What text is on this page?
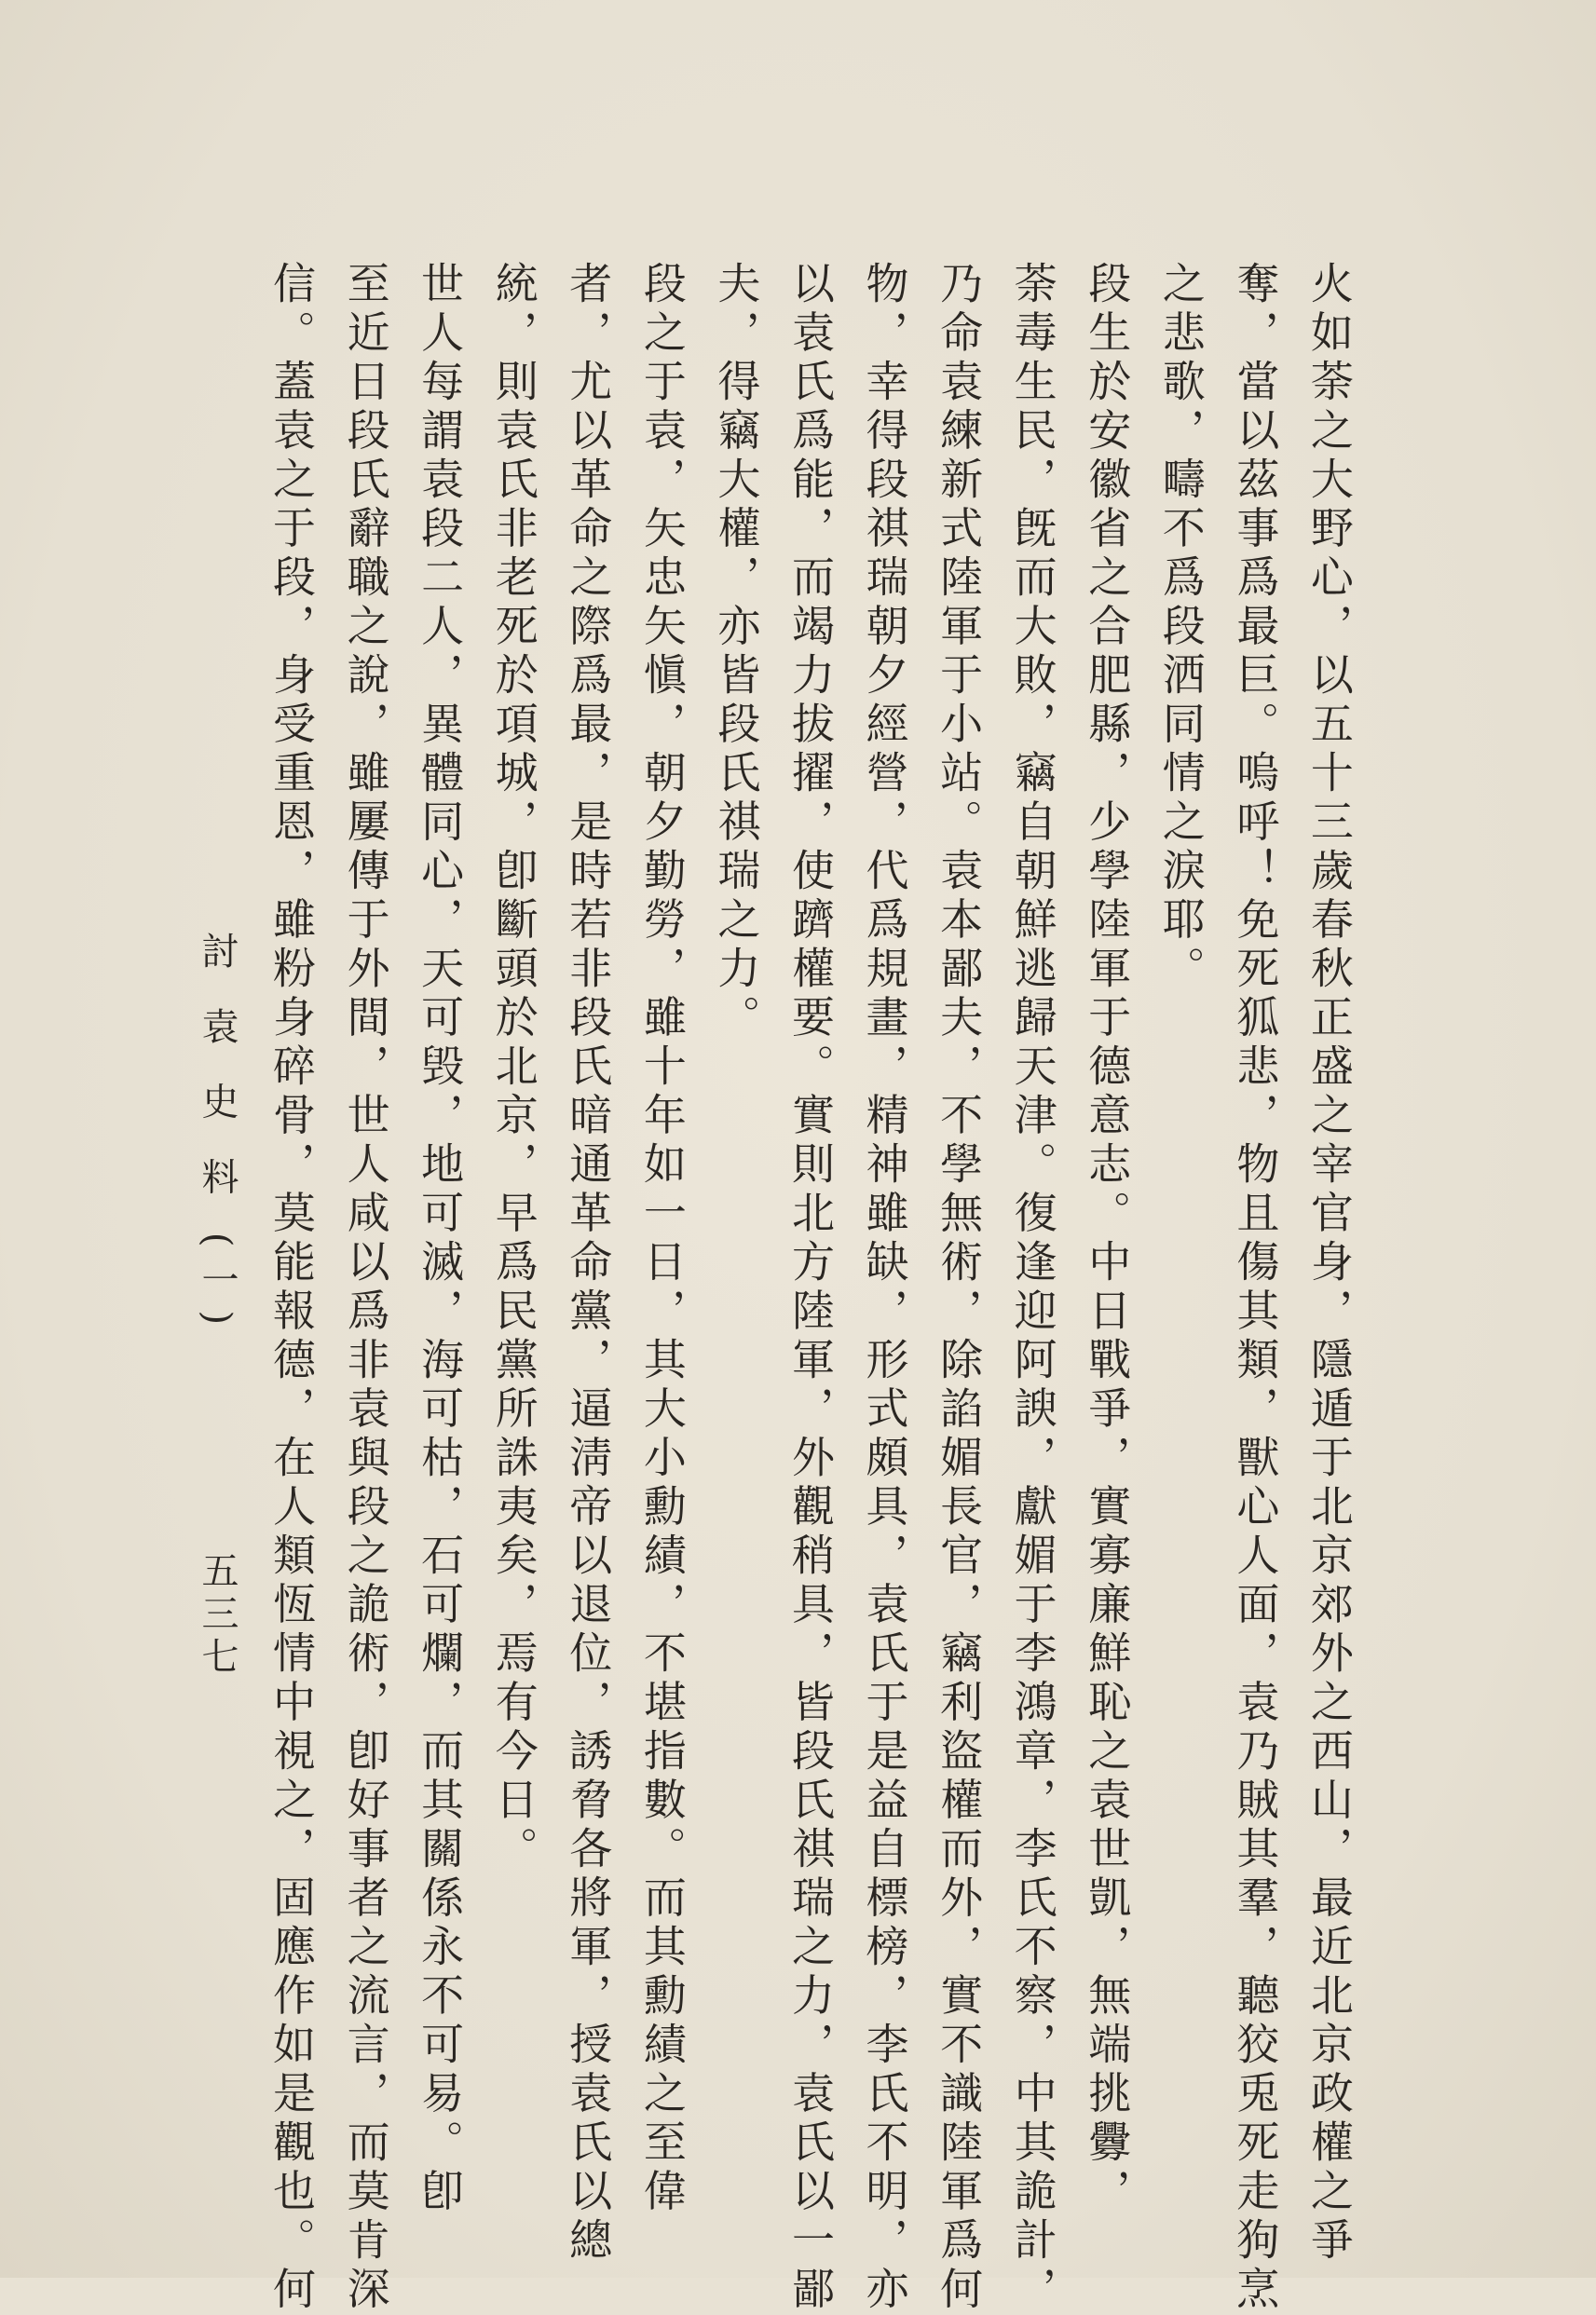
火如荼之大野心，以五十三歲春秋正盛之宰官身，隱遁于北京郊外之西山，最近北京政權之爭
奪，當以茲事爲最巨。嗚呼！免死狐悲，物且傷其類，獸心人面，袁乃賊其羣，聽狡兎死走狗烹
之悲歌，疇不爲段洒同情之淚耶。
段生於安徽省之合肥縣，少學陸軍于德意志。中日戰爭，實寡廉鮮恥之袁世凱，無端挑釁，
荼毒生民，旣而大敗，竊自朝鮮逃歸天津。復逢迎阿諛，獻媚于李鴻章，李氏不察，中其詭計，
乃命袁練新式陸軍于小站。袁本鄙夫，不學無術，除諂媚長官，竊利盜權而外，實不識陸軍爲何
物，幸得段祺瑞朝夕經營，代爲規畫，精神雖缺，形式頗具，袁氏于是益自標榜，李氏不明，亦
以袁氏爲能，而竭力拔擢，使躋權要。實則北方陸軍，外觀稍具，皆段氏祺瑞之力，袁氏以一鄙
夫，得竊大權，亦皆段氏祺瑞之力。
段之于袁，矢忠矢愼，朝夕勤勞，雖十年如一日，其大小勳績，不堪指數。而其勳績之至偉
者，尤以革命之際爲最，是時若非段氏暗通革命黨，逼淸帝以退位，誘脅各將軍，授袁氏以總
統，則袁氏非老死於項城，卽斷頭於北京，早爲民黨所誅夷矣，焉有今日。
世人每謂袁段二人，異體同心，天可毁，地可滅，海可枯，石可爛，而其關係永不可易。卽
至近日段氏辭職之說，雖屢傳于外間，世人咸以爲非袁與段之詭術，卽好事者之流言，而莫肯深
信。蓋袁之于段，身受重恩，雖粉身碎骨，莫能報德，在人類恆情中視之，固應作如是觀也。何
討 袁 史 料 (一)
五三七
